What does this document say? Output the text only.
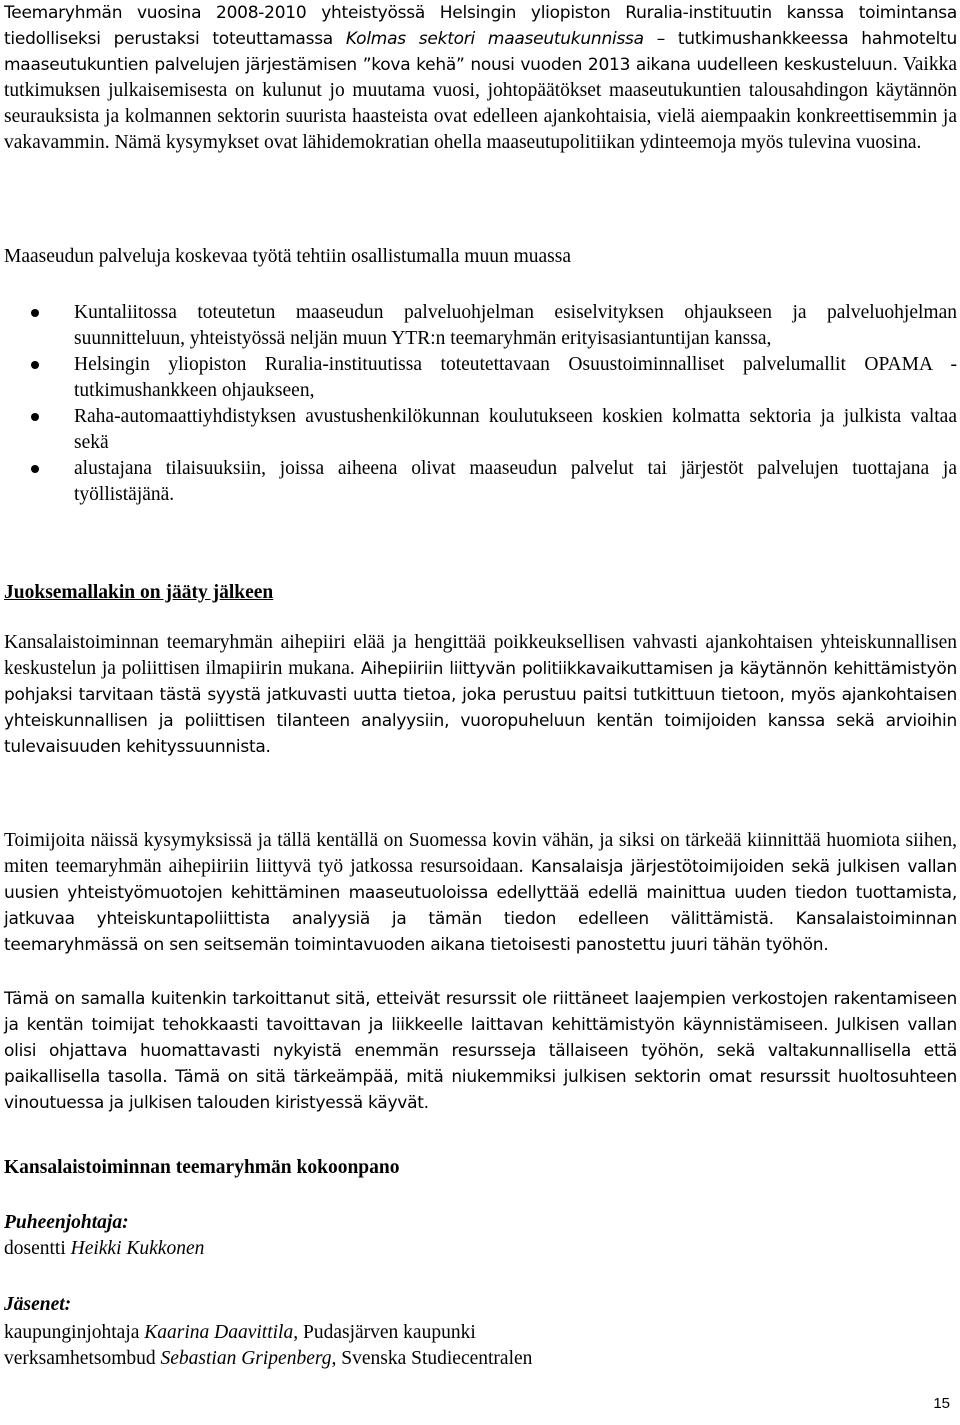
Teemaryhmän vuosina 2008-2010 yhteistyössä Helsingin yliopiston Ruralia-instituutin kanssa toimintansa tiedolliseksi perustaksi toteuttamassa Kolmas sektori maaseutukunnissa – tutkimushankkeessa hahmoteltu maaseutukuntien palvelujen järjestämisen ”kova kehä” nousi vuoden 2013 aikana uudelleen keskusteluun. Vaikka tutkimuksen julkaisemisesta on kulunut jo muutama vuosi, johtopäätökset maaseutukuntien talousahdingon käytännön seurauksista ja kolmannen sektorin suurista haasteista ovat edelleen ajankohtaisia, vielä aiempaakin konkreettisemmin ja vakavammin. Nämä kysymykset ovat lähidemokratian ohella maaseutupolitiikan ydinteemoja myös tulevina vuosina.

Maaseudun palveluja koskevaa työtä tehtiin osallistumalla muun muassa

Kuntaliitossa toteutetun maaseudun palveluohjelman esiselvityksen ohjaukseen ja palveluohjelman suunnitteluun, yhteistyössä neljän muun YTR:n teemaryhmän erityisasiantuntijan kanssa,
Helsingin yliopiston Ruralia-instituutissa toteutettavaan Osuustoiminnalliset palvelumallit OPAMA -tutkimushankkeen ohjaukseen,
Raha-automaattiyhdistyksen avustushenkilökunnan koulutukseen koskien kolmatta sektoria ja julkista valtaa sekä
alustajana tilaisuuksiin, joissa aiheena olivat maaseudun palvelut tai järjestöt palvelujen tuottajana ja työllistäjänä.

Juoksemallakin on jääty jälkeen

Kansalaistoiminnan teemaryhmän aihepiiri elää ja hengittää poikkeuksellisen vahvasti ajankohtaisen yhteiskunnallisen keskustelun ja poliittisen ilmapiirin mukana. Aihepiiriin liittyvän politiikkavaikuttamisen ja käytännön kehittämistyön pohjaksi tarvitaan tästä syystä jatkuvasti uutta tietoa, joka perustuu paitsi tutkittuun tietoon, myös ajankohtaisen yhteiskunnallisen ja poliittisen tilanteen analyysiin, vuoropuheluun kentän toimijoiden kanssa sekä arvioihin tulevaisuuden kehityssuunnista.

Toimijoita näissä kysymyksissä ja tällä kentällä on Suomessa kovin vähän, ja siksi on tärkeää kiinnittää huomiota siihen, miten teemaryhmän aihepiiriin liittyvä työ jatkossa resursoidaan. Kansalaisja järjestötoimijoiden sekä julkisen vallan uusien yhteistyömuotojen kehittäminen maaseutuoloissa edellyttää edellä mainittua uuden tiedon tuottamista, jatkuvaa yhteiskuntapoliittista analyysiä ja tämän tiedon edelleen välittämistä. Kansalaistoiminnan teemaryhmässä on sen seitsemän toimintavuoden aikana tietoisesti panostettu juuri tähän työhön.

Tämä on samalla kuitenkin tarkoittanut sitä, etteivät resurssit ole riittäneet laajempien verkostojen rakentamiseen ja kentän toimijat tehokkaasti tavoittavan ja liikkeelle laittavan kehittämistyön käynnistämiseen. Julkisen vallan olisi ohjattava huomattavasti nykyistä enemmän resursseja tällaiseen työhön, sekä valtakunnallisella että paikallisella tasolla. Tämä on sitä tärkeämpää, mitä niukemmiksi julkisen sektorin omat resurssit huoltosuhteen vinoutuessa ja julkisen talouden kiristyessä käyvät.

Kansalaistoiminnan teemaryhmän kokoonpano

Puheenjohtaja:

dosentti Heikki Kukkonen

Jäsenet:

kaupunginjohtaja Kaarina Daavittila, Pudasjärven kaupunki

verksamhetsombud Sebastian Gripenberg, Svenska Studiecentralen

15
